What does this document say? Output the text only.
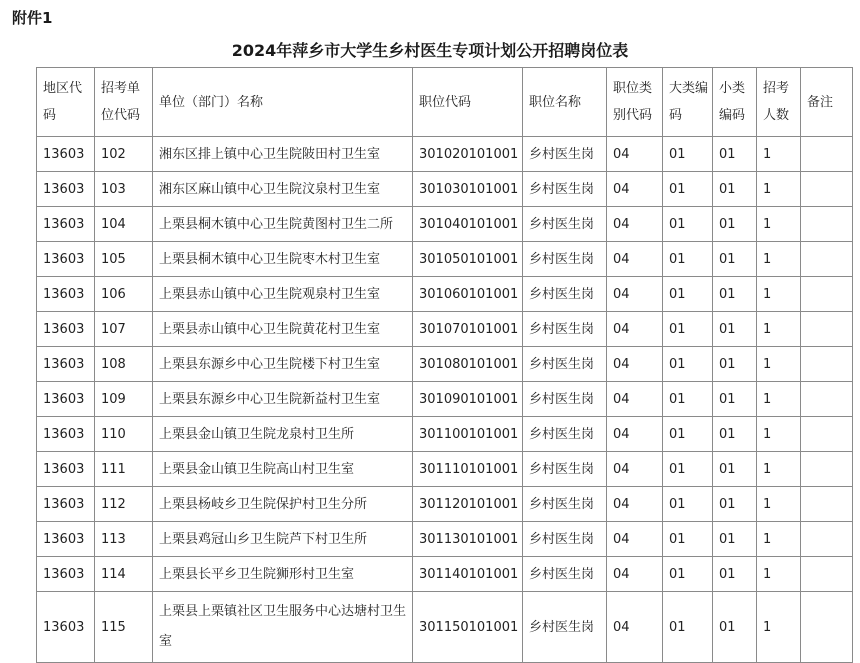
附件1
2024年萍乡市大学生乡村医生专项计划公开招聘岗位表
地区代码	招考单位代码	单位（部门）名称	职位代码	职位名称	职位类别代码	大类编码	小类编码	招考人数	备注
13603	102	湘东区排上镇中心卫生院陂田村卫生室	301020101001	乡村医生岗	04	01	01	1	
13603	103	湘东区麻山镇中心卫生院汶泉村卫生室	301030101001	乡村医生岗	04	01	01	1	
13603	104	上栗县桐木镇中心卫生院黄图村卫生二所	301040101001	乡村医生岗	04	01	01	1	
13603	105	上栗县桐木镇中心卫生院枣木村卫生室	301050101001	乡村医生岗	04	01	01	1	
13603	106	上栗县赤山镇中心卫生院观泉村卫生室	301060101001	乡村医生岗	04	01	01	1	
13603	107	上栗县赤山镇中心卫生院黄花村卫生室	301070101001	乡村医生岗	04	01	01	1	
13603	108	上栗县东源乡中心卫生院楼下村卫生室	301080101001	乡村医生岗	04	01	01	1	
13603	109	上栗县东源乡中心卫生院新益村卫生室	301090101001	乡村医生岗	04	01	01	1	
13603	110	上栗县金山镇卫生院龙泉村卫生所	301100101001	乡村医生岗	04	01	01	1	
13603	111	上栗县金山镇卫生院高山村卫生室	301110101001	乡村医生岗	04	01	01	1	
13603	112	上栗县杨岐乡卫生院保护村卫生分所	301120101001	乡村医生岗	04	01	01	1	
13603	113	上栗县鸡冠山乡卫生院芦下村卫生所	301130101001	乡村医生岗	04	01	01	1	
13603	114	上栗县长平乡卫生院狮形村卫生室	301140101001	乡村医生岗	04	01	01	1	
13603	115	上栗县上栗镇社区卫生服务中心达塘村卫生室	301150101001	乡村医生岗	04	01	01	1	
